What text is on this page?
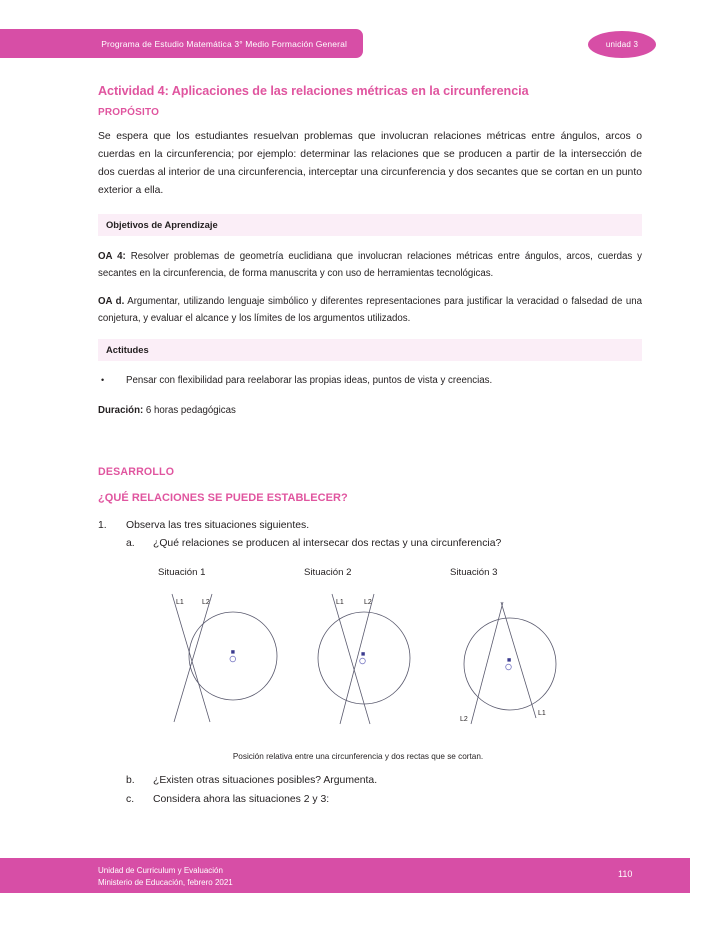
Programa de Estudio Matemática 3° Medio Formación General	unidad 3
Actividad 4: Aplicaciones de las relaciones métricas en la circunferencia
PROPÓSITO

Se espera que los estudiantes resuelvan problemas que involucran relaciones métricas entre ángulos, arcos o cuerdas en la circunferencia; por ejemplo: determinar las relaciones que se producen a partir de la intersección de dos cuerdas al interior de una circunferencia, interceptar una circunferencia y dos secantes que se cortan en un punto exterior a ella.

Objetivos de Aprendizaje

OA 4: Resolver problemas de geometría euclidiana que involucran relaciones métricas entre ángulos, arcos, cuerdas y secantes en la circunferencia, de forma manuscrita y con uso de herramientas tecnológicas.

OA d. Argumentar, utilizando lenguaje simbólico y diferentes representaciones para justificar la veracidad o falsedad de una conjetura, y evaluar el alcance y los límites de los argumentos utilizados.

Actitudes
•	Pensar con flexibilidad para reelaborar las propias ideas, puntos de vista y creencias.

Duración: 6 horas pedagógicas

DESARROLLO
¿QUÉ RELACIONES SE PUEDE ESTABLECER?
1.	Observa las tres situaciones siguientes.
a.	¿Qué relaciones se producen al intersecar dos rectas y una circunferencia?
Situación 1
L1	L2
Situación 2
L1	L2
Situación 3
L2
L1

Posición relativa entre una circunferencia y dos rectas que se cortan.

b.	¿Existen otras situaciones posibles? Argumenta.
c.	Considera ahora las situaciones 2 y 3:
Unidad de Curriculum y Evaluación
Ministerio de Educación, febrero 2021
110
